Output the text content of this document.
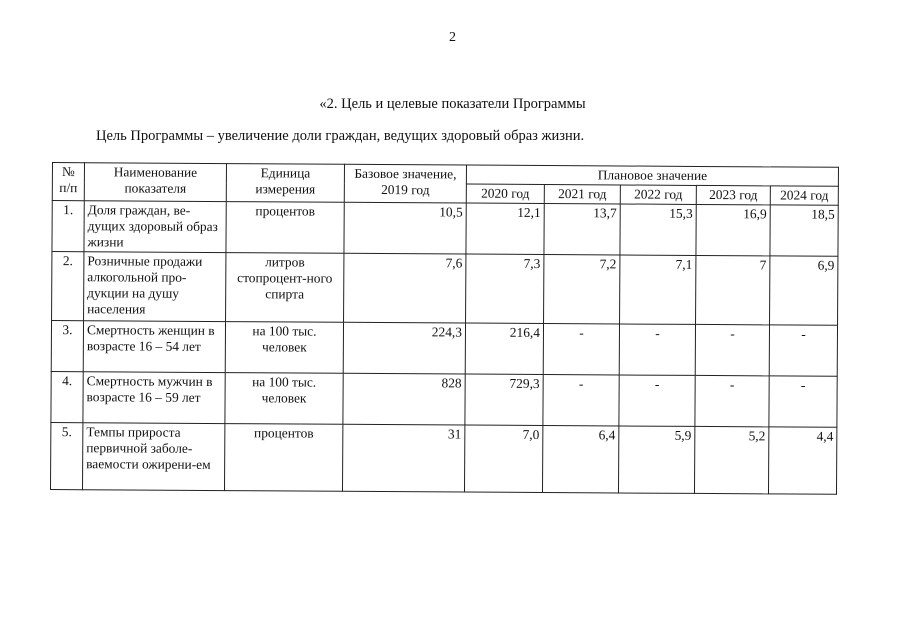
2
«2. Цель и целевые показатели Программы
Цель Программы – увеличение доли граждан, ведущих здоровый образ жизни.
№ п/п	Наименование показателя	Единица измерения	Базовое значение, 2019 год	Плановое значение				
				2020 год	2021 год	2022 год	2023 год	2024 год
1.	Доля граждан, ве-дущих здоровый образ жизни	процентов	10,5	12,1	13,7	15,3	16,9	18,5
2.	Розничные продажи алкогольной про-дукции на душу населения	литров стопроцент-ного спирта	7,6	7,3	7,2	7,1	7	6,9
3.	Смертность женщин в возрасте 16 – 54 лет	на 100 тыс. человек	224,3	216,4	-	-	-	-
4.	Смертность мужчин в возрасте 16 – 59 лет	на 100 тыс. человек	828	729,3	-	-	-	-
5.	Темпы прироста первичной заболе-ваемости ожирени-ем	процентов	31	7,0	6,4	5,9	5,2	4,4
